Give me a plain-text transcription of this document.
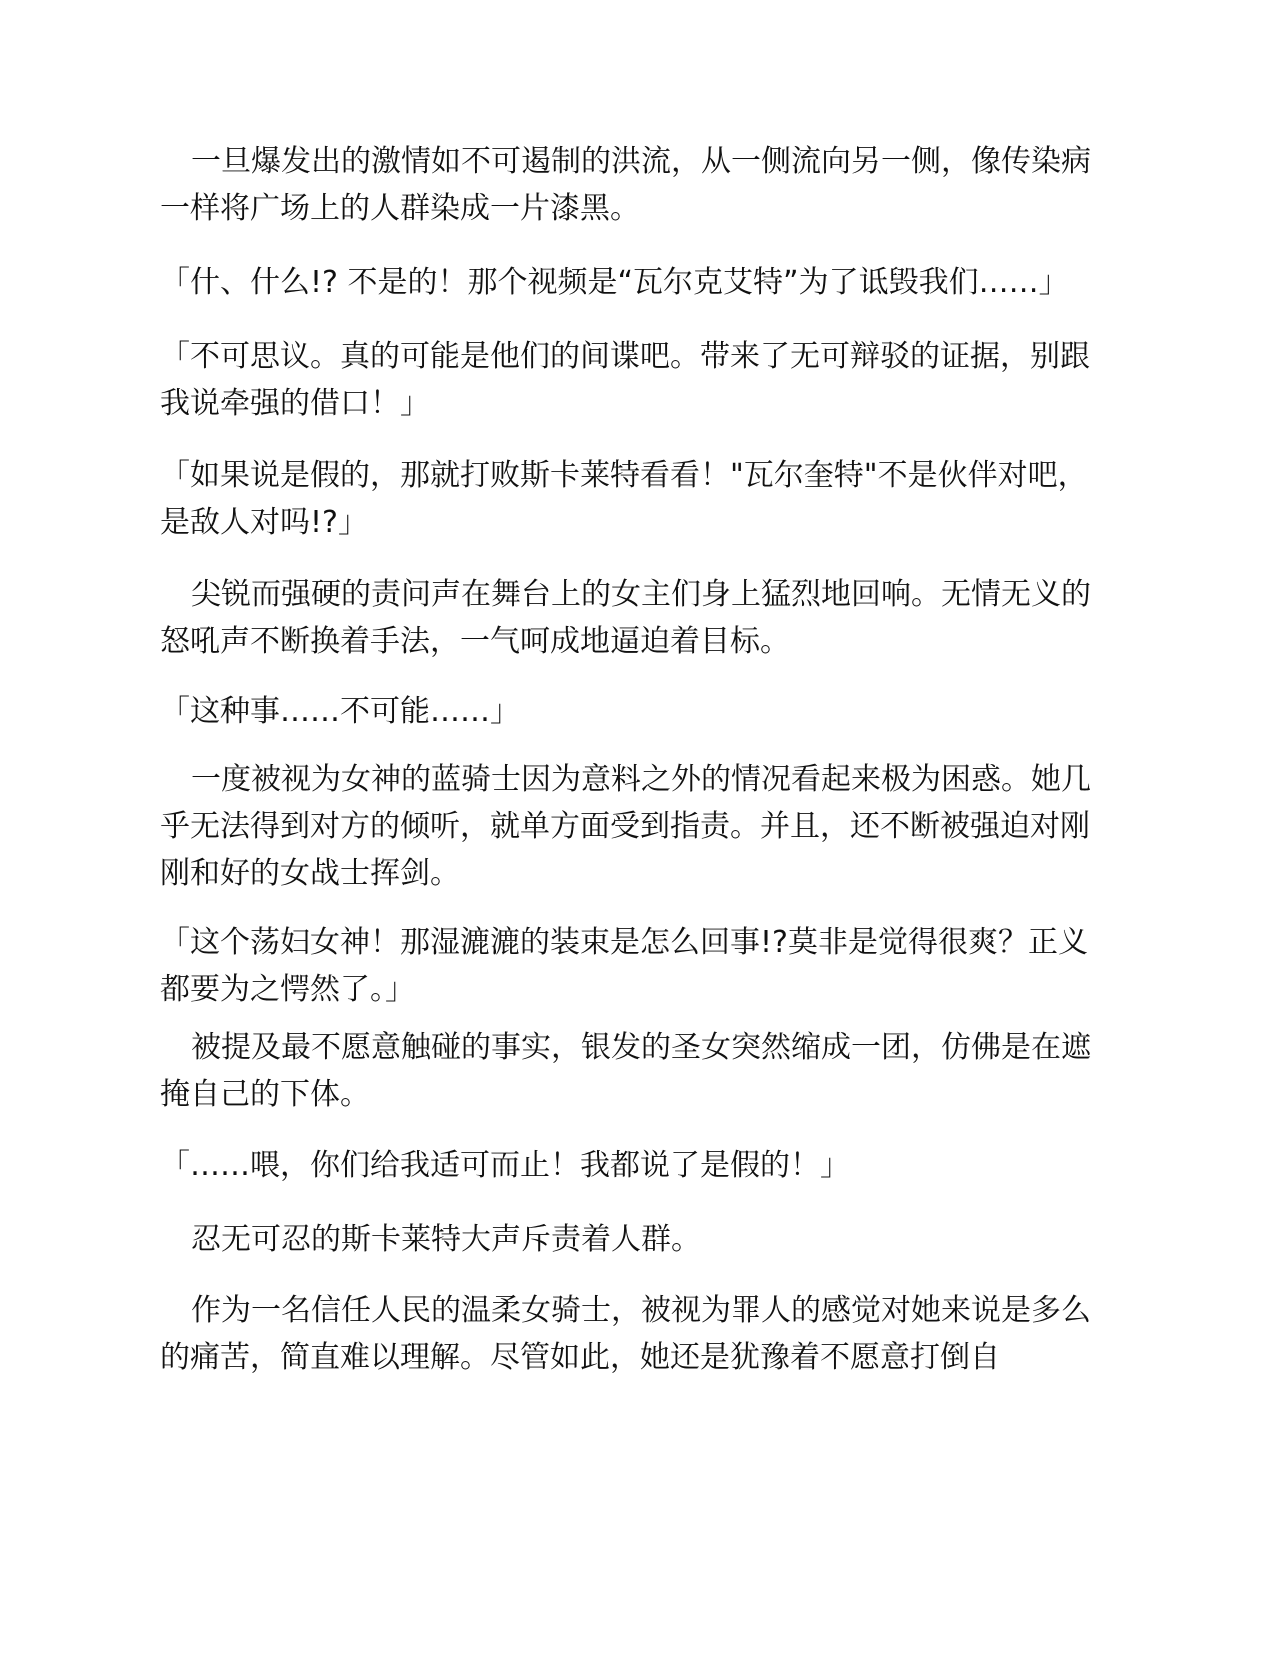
一旦爆发出的激情如不可遏制的洪流，从一侧流向另一侧，像传染病一样将广场上的人群染成一片漆黑。

「什、什么!? 不是的！那个视频是“瓦尔克艾特”为了诋毁我们……」

「不可思议。真的可能是他们的间谍吧。带来了无可辩驳的证据，别跟我说牵强的借口！」

「如果说是假的，那就打败斯卡莱特看看！"瓦尔奎特"不是伙伴对吧，是敌人对吗!?」

尖锐而强硬的责问声在舞台上的女主们身上猛烈地回响。无情无义的怒吼声不断换着手法，一气呵成地逼迫着目标。

「这种事……不可能……」

一度被视为女神的蓝骑士因为意料之外的情况看起来极为困惑。她几乎无法得到对方的倾听，就单方面受到指责。并且，还不断被强迫对刚刚和好的女战士挥剑。

「这个荡妇女神！那湿漉漉的装束是怎么回事!?莫非是觉得很爽？正义都要为之愕然了。」

被提及最不愿意触碰的事实，银发的圣女突然缩成一团，仿佛是在遮掩自己的下体。

「……喂，你们给我适可而止！我都说了是假的！」

忍无可忍的斯卡莱特大声斥责着人群。

作为一名信任人民的温柔女骑士，被视为罪人的感觉对她来说是多么的痛苦，简直难以理解。尽管如此，她还是犹豫着不愿意打倒自
